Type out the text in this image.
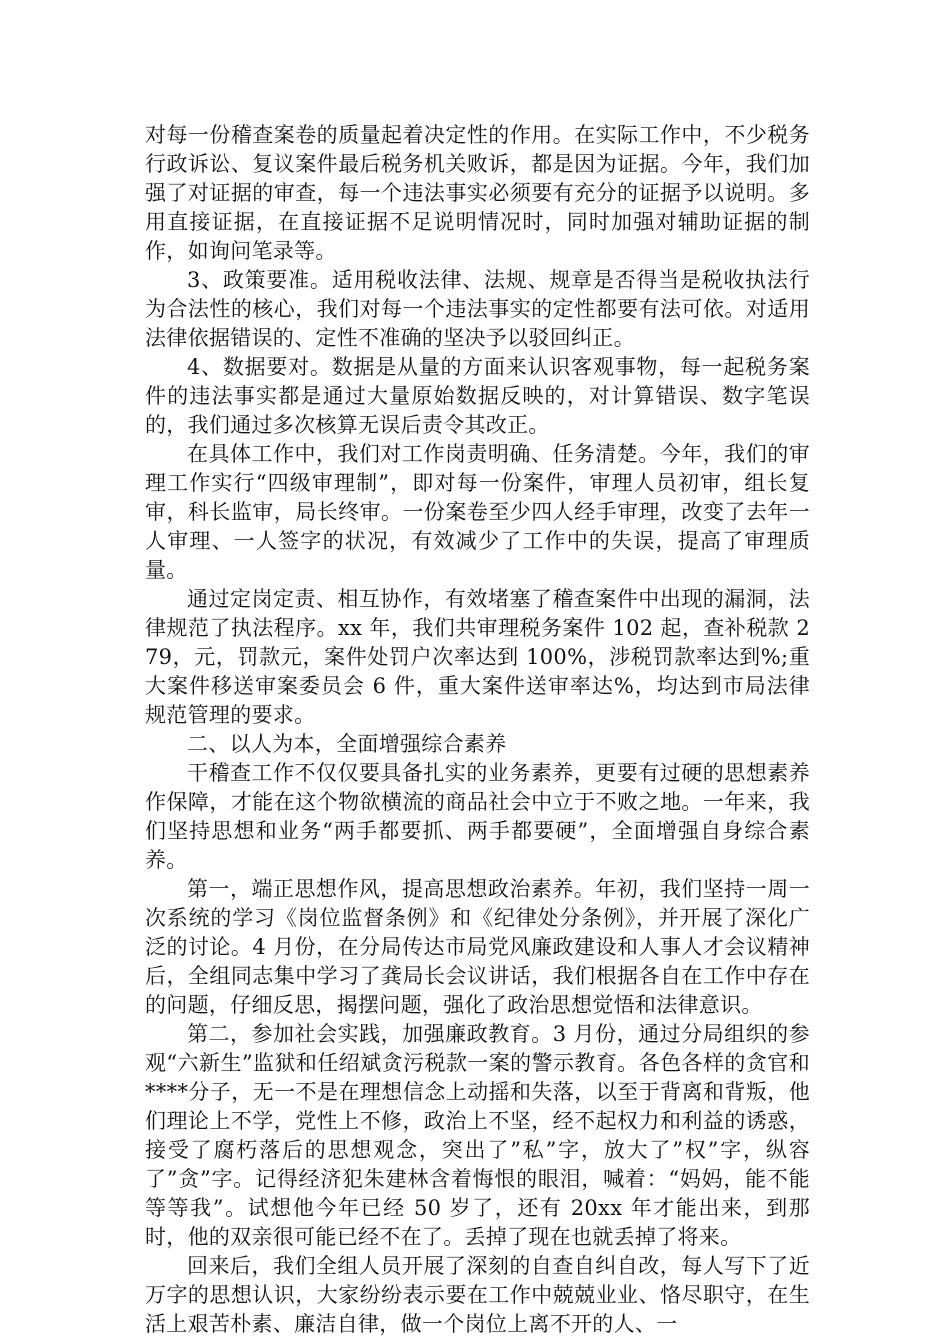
对每一份稽查案卷的质量起着决定性的作用。在实际工作中，不少税务行政诉讼、复议案件最后税务机关败诉，都是因为证据。今年，我们加强了对证据的审查，每一个违法事实必须要有充分的证据予以说明。多用直接证据，在直接证据不足说明情况时，同时加强对辅助证据的制作，如询问笔录等。

3、政策要准。适用税收法律、法规、规章是否得当是税收执法行为合法性的核心，我们对每一个违法事实的定性都要有法可依。对适用法律依据错误的、定性不准确的坚决予以驳回纠正。

4、数据要对。数据是从量的方面来认识客观事物，每一起税务案件的违法事实都是通过大量原始数据反映的，对计算错误、数字笔误的，我们通过多次核算无误后责令其改正。

在具体工作中，我们对工作岗责明确、任务清楚。今年，我们的审理工作实行“四级审理制”，即对每一份案件，审理人员初审，组长复审，科长监审，局长终审。一份案卷至少四人经手审理，改变了去年一人审理、一人签字的状况，有效减少了工作中的失误，提高了审理质量。

通过定岗定责、相互协作，有效堵塞了稽查案件中出现的漏洞，法律规范了执法程序。xx 年，我们共审理税务案件 102 起，查补税款 279，元，罚款元，案件处罚户次率达到 100%，涉税罚款率达到%;重大案件移送审案委员会 6 件，重大案件送审率达%，均达到市局法律规范管理的要求。

二、以人为本，全面增强综合素养

干稽查工作不仅仅要具备扎实的业务素养，更要有过硬的思想素养作保障，才能在这个物欲横流的商品社会中立于不败之地。一年来，我们坚持思想和业务“两手都要抓、两手都要硬”，全面增强自身综合素养。

第一，端正思想作风，提高思想政治素养。年初，我们坚持一周一次系统的学习《岗位监督条例》和《纪律处分条例》，并开展了深化广泛的讨论。4 月份，在分局传达市局党风廉政建设和人事人才会议精神后，全组同志集中学习了龚局长会议讲话，我们根据各自在工作中存在的问题，仔细反思，揭摆问题，强化了政治思想觉悟和法律意识。

第二，参加社会实践，加强廉政教育。3 月份，通过分局组织的参观“六新生”监狱和任绍斌贪污税款一案的警示教育。各色各样的贪官和****分子，无一不是在理想信念上动摇和失落，以至于背离和背叛，他们理论上不学，党性上不修，政治上不坚，经不起权力和利益的诱惑，接受了腐朽落后的思想观念，突出了”私”字，放大了”权”字，纵容了”贪”字。记得经济犯朱建林含着悔恨的眼泪，喊着：“妈妈，能不能等等我”。试想他今年已经 50 岁了，还有 20xx 年才能出来，到那时，他的双亲很可能已经不在了。丢掉了现在也就丢掉了将来。

回来后，我们全组人员开展了深刻的自查自纠自改，每人写下了近万字的思想认识，大家纷纷表示要在工作中兢兢业业、恪尽职守，在生活上艰苦朴素、廉洁自律，做一个岗位上离不开的人、一
